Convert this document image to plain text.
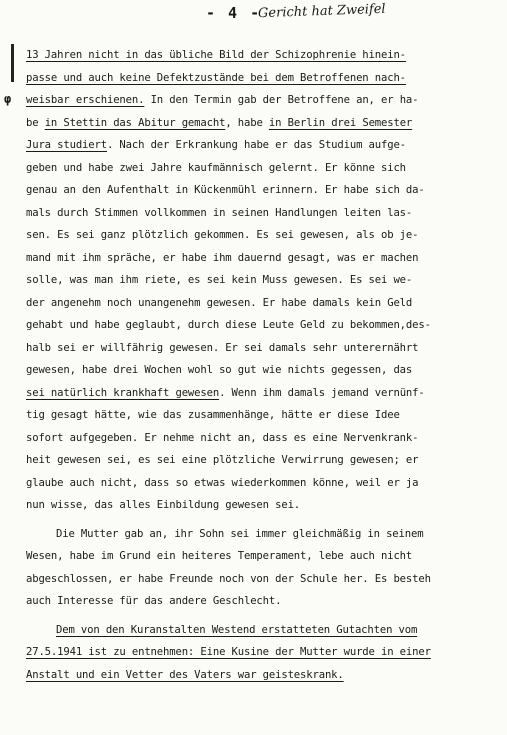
- 4 -
Gericht hat Zweifel
φ
13 Jahren nicht in das übliche Bild der Schizophrenie hinein-
passe und auch keine Defektzustände bei dem Betroffenen nach-
weisbar erschienen. In den Termin gab der Betroffene an, er ha-
be in Stettin das Abitur gemacht, habe in Berlin drei Semester
Jura studiert. Nach der Erkrankung habe er das Studium aufge-
geben und habe zwei Jahre kaufmännisch gelernt. Er könne sich
genau an den Aufenthalt in Kückenmühl erinnern. Er habe sich da-
mals durch Stimmen vollkommen in seinen Handlungen leiten las-
sen. Es sei ganz plötzlich gekommen. Es sei gewesen, als ob je-
mand mit ihm spräche, er habe ihm dauernd gesagt, was er machen
solle, was man ihm riete, es sei kein Muss gewesen. Es sei we-
der angenehm noch unangenehm gewesen. Er habe damals kein Geld
gehabt und habe geglaubt, durch diese Leute Geld zu bekommen,des-
halb sei er willfährig gewesen. Er sei damals sehr unterernährt
gewesen, habe drei Wochen wohl so gut wie nichts gegessen, das
sei natürlich krankhaft gewesen. Wenn ihm damals jemand vernünf-
tig gesagt hätte, wie das zusammenhänge, hätte er diese Idee
sofort aufgegeben. Er nehme nicht an, dass es eine Nervenkrank-
heit gewesen sei, es sei eine plötzliche Verwirrung gewesen; er
glaube auch nicht, dass so etwas wiederkommen könne, weil er ja
nun wisse, das alles Einbildung gewesen sei.
Die Mutter gab an, ihr Sohn sei immer gleichmäßig in seinem
Wesen, habe im Grund ein heiteres Temperament, lebe auch nicht
abgeschlossen, er habe Freunde noch von der Schule her. Es besteh
auch Interesse für das andere Geschlecht.
Dem von den Kuranstalten Westend erstatteten Gutachten vom
27.5.1941 ist zu entnehmen: Eine Kusine der Mutter wurde in einer
Anstalt und ein Vetter des Vaters war geisteskrank.
